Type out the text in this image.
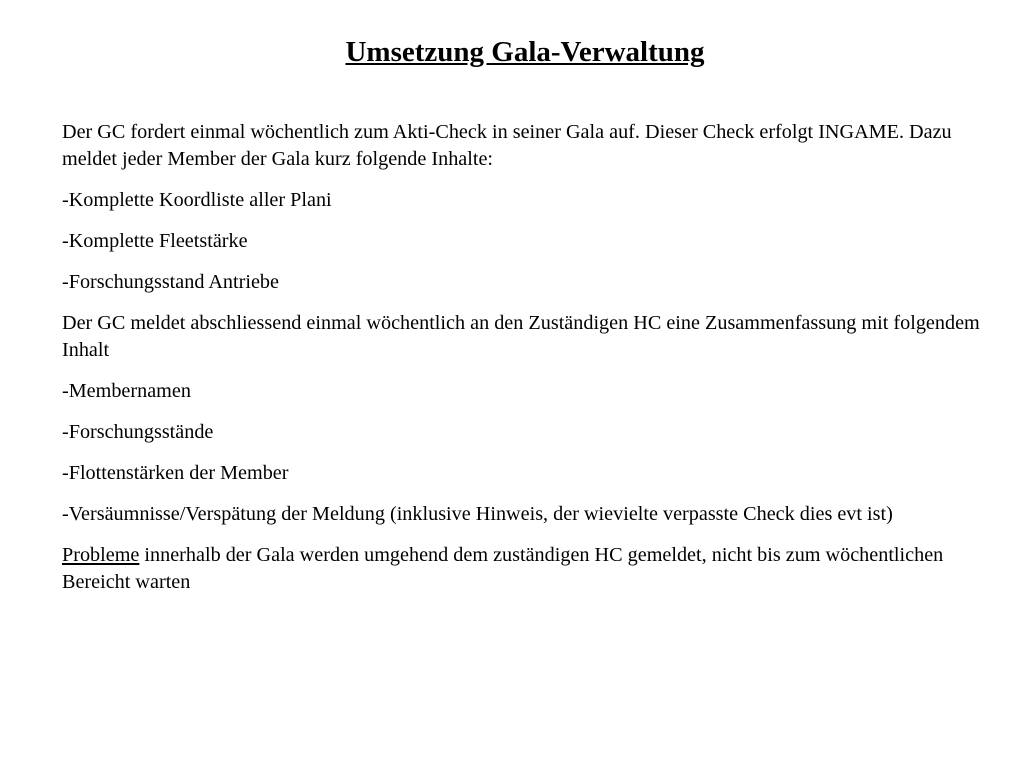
Umsetzung Gala-Verwaltung

Der GC fordert einmal wöchentlich zum Akti-Check in seiner Gala auf. Dieser Check erfolgt INGAME. Dazu meldet jeder Member der Gala kurz folgende Inhalte:

-Komplette Koordliste aller Plani

-Komplette Fleetstärke

-Forschungsstand Antriebe

Der GC meldet abschliessend einmal wöchentlich an den Zuständigen HC eine Zusammenfassung mit folgendem Inhalt

-Membernamen

-Forschungsstände

-Flottenstärken der Member

-Versäumnisse/Verspätung der Meldung (inklusive Hinweis, der wievielte verpasste Check dies evt ist)

Probleme innerhalb der Gala werden umgehend dem zuständigen HC gemeldet, nicht bis zum wöchentlichen Bereicht warten
